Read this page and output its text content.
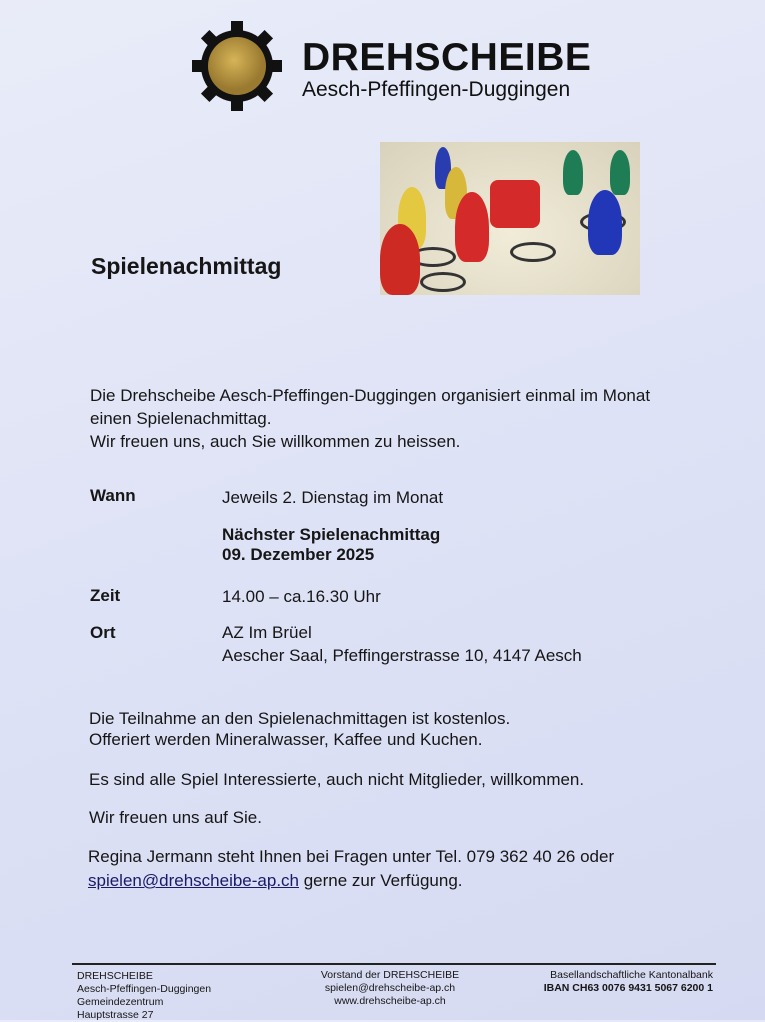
DREHSCHEIBE
Aesch-Pfeffingen-Duggingen
Spielenachmittag
Die Drehscheibe Aesch-Pfeffingen-Duggingen organisiert einmal im Monat
einen Spielenachmittag.
Wir freuen uns, auch Sie willkommen zu heissen.
Wann	Jeweils 2. Dienstag im Monat
Nächster Spielenachmittag
09. Dezember 2025
Zeit	14.00 – ca.16.30 Uhr
Ort	AZ Im Brüel
Aescher Saal, Pfeffingerstrasse 10, 4147 Aesch
Die Teilnahme an den Spielenachmittagen ist kostenlos.
Offeriert werden Mineralwasser, Kaffee und Kuchen.
Es sind alle Spiel Interessierte, auch nicht Mitglieder, willkommen.
Wir freuen uns auf Sie.
Regina Jermann steht Ihnen bei Fragen unter Tel. 079 362 40 26 oder
spielen@drehscheibe-ap.ch gerne zur Verfügung.
DREHSCHEIBE
Aesch-Pfeffingen-Duggingen
Gemeindezentrum
Hauptstrasse 27
Vorstand der DREHSCHEIBE
spielen@drehscheibe-ap.ch
www.drehscheibe-ap.ch
Basellandschaftliche Kantonalbank
IBAN CH63 0076 9431 5067 6200 1
